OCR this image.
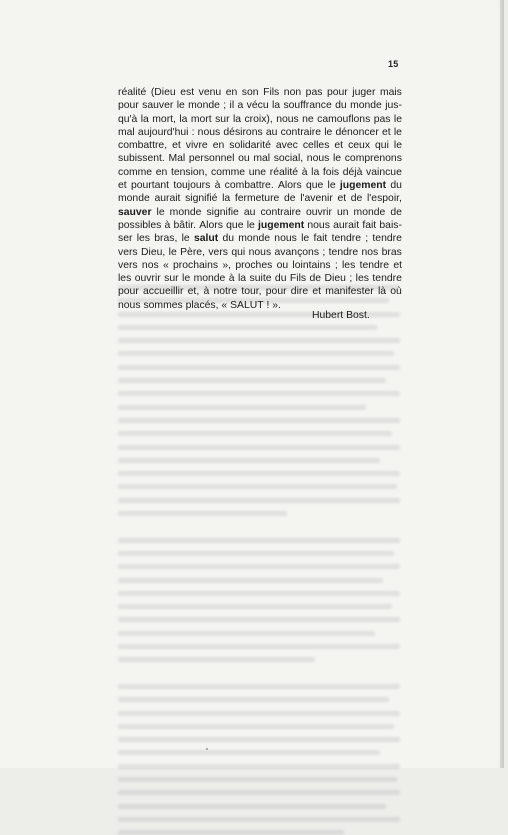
15
réalité (Dieu est venu en son Fils non pas pour juger mais
pour sauver le monde ; il a vécu la souffrance du monde jus-
qu'à la mort, la mort sur la croix), nous ne camouflons pas le
mal aujourd'hui : nous désirons au contraire le dénoncer et le
combattre, et vivre en solidarité avec celles et ceux qui le
subissent. Mal personnel ou mal social, nous le comprenons
comme en tension, comme une réalité à la fois déjà vaincue
et pourtant toujours à combattre. Alors que le jugement du
monde aurait signifié la fermeture de l'avenir et de l'espoir,
sauver le monde signifie au contraire ouvrir un monde de
possibles à bâtir. Alors que le jugement nous aurait fait bais-
ser les bras, le salut du monde nous le fait tendre ; tendre
vers Dieu, le Père, vers qui nous avançons ; tendre nos bras
vers nos « prochains », proches ou lointains ; les tendre et
les ouvrir sur le monde à la suite du Fils de Dieu ; les tendre
pour accueillir et, à notre tour, pour dire et manifester là où
nous
sommes
placés,
«
SALUT
!
».
Hubert Bost.
